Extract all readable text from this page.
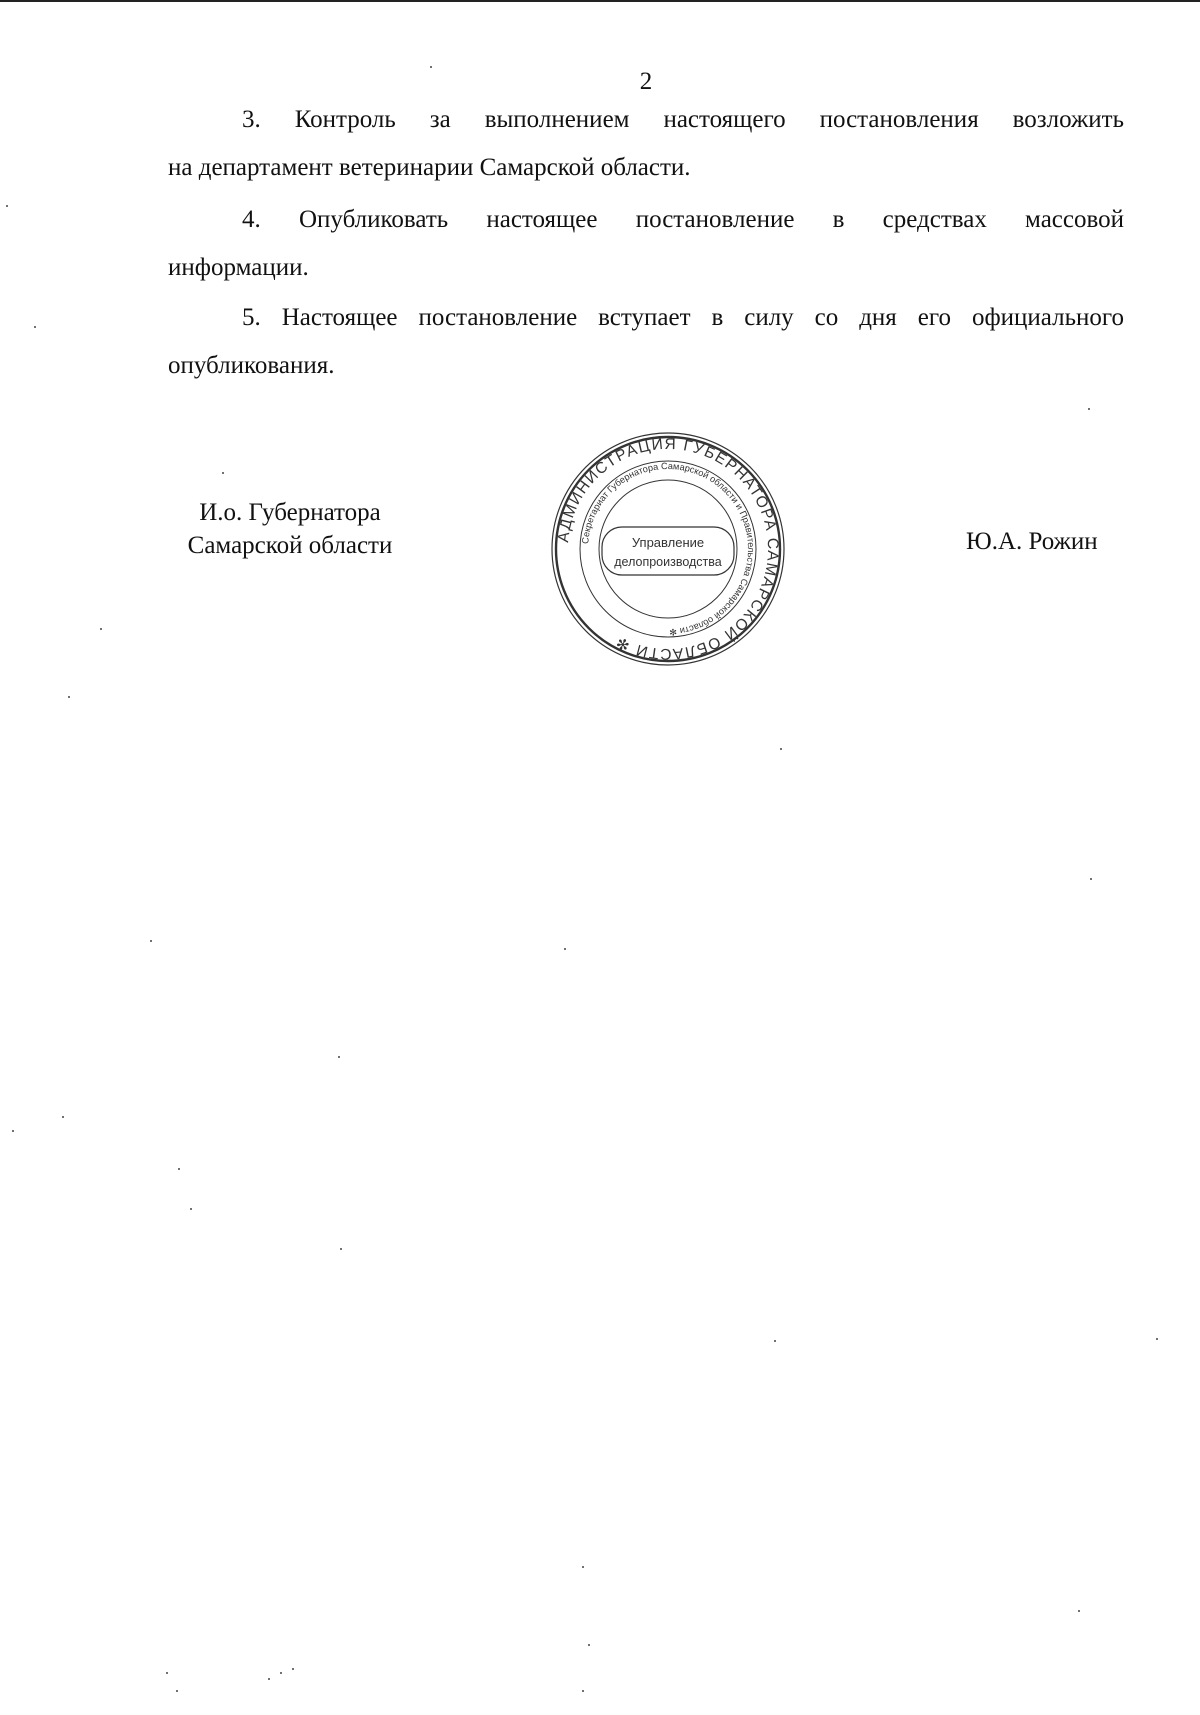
2
3. Контроль за выполнением настоящего постановления возложить
на департамент ветеринарии Самарской области.
4. Опубликовать настоящее постановление в средствах массовой
информации.
5. Настоящее постановление вступает в силу со дня его официального
опубликования.
И.о. Губернатора
Самарской области	Ю.А. Рожин
АДМИНИСТРАЦИЯ ГУБЕРНАТОРА САМАРСКОЙ ОБЛАСТИ ✻
Секретариат Губернатора Самарской области и Правительства Самарской области ✻
Управление
делопроизводства
